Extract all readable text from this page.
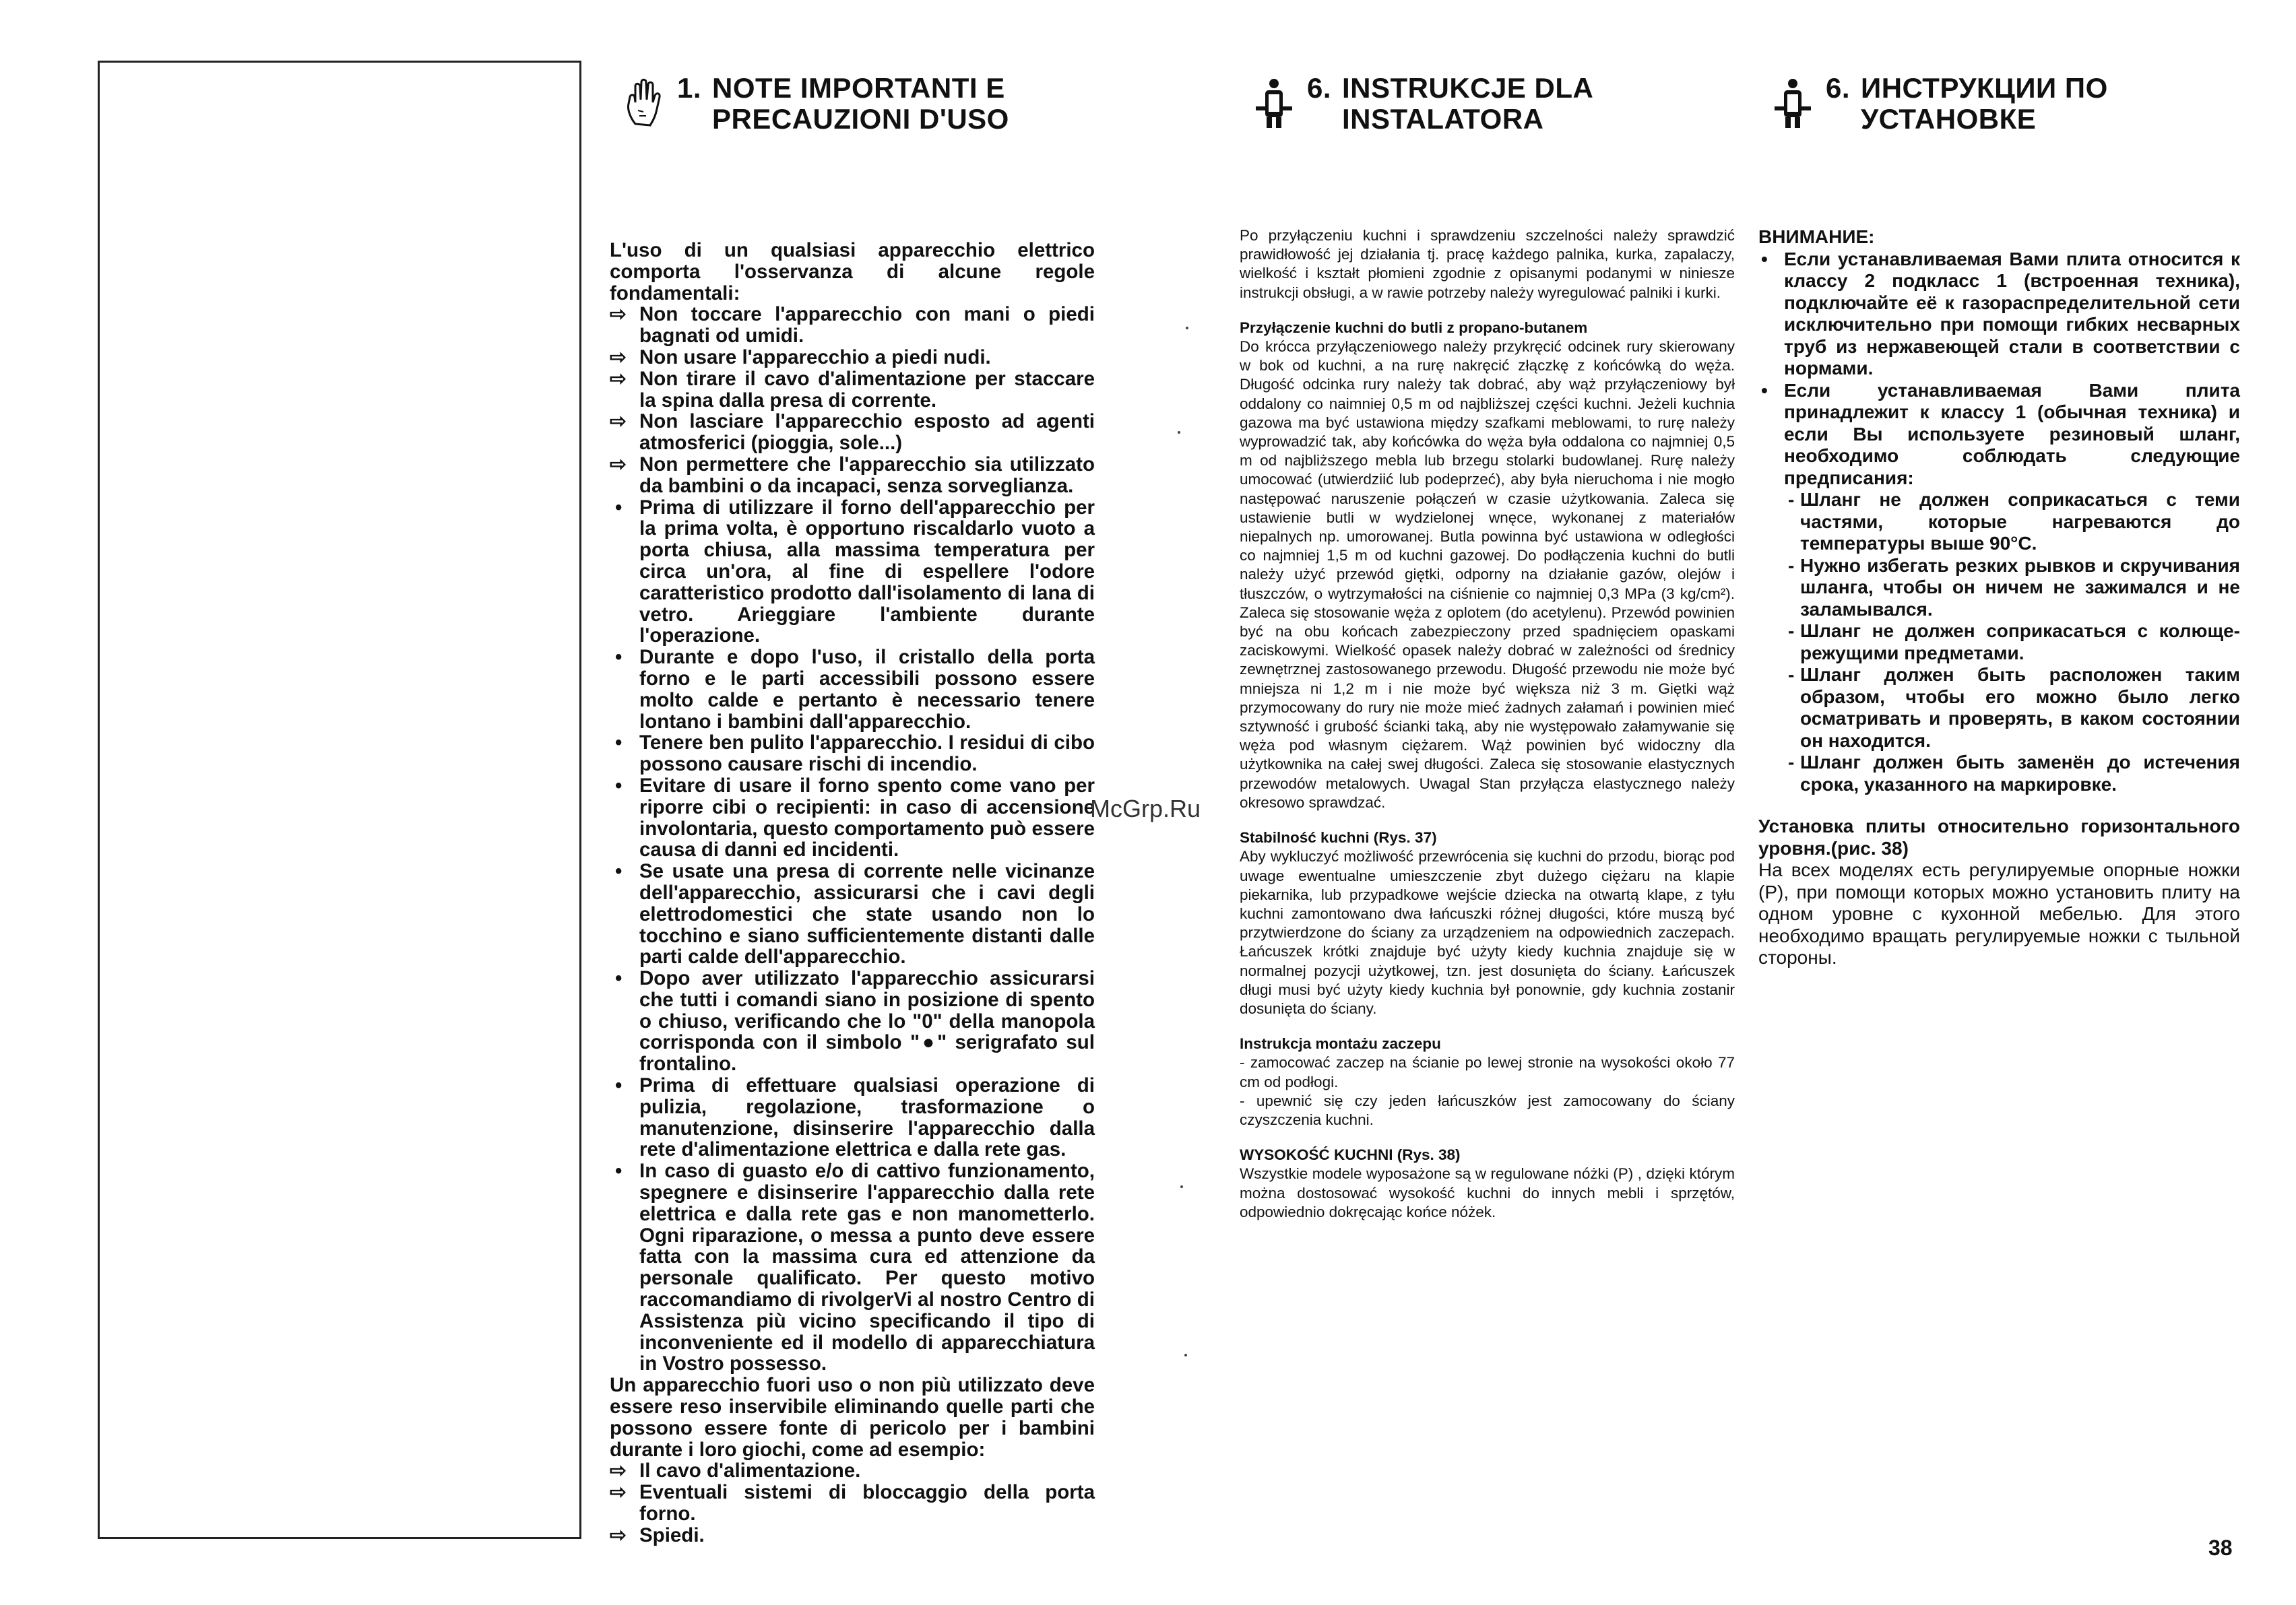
1. NOTE IMPORTANTI E
PRECAUZIONI D'USO

L'uso di un qualsiasi apparecchio elettrico comporta l'osservanza di alcune regole fondamentali:

⇨ Non toccare l'apparecchio con mani o piedi bagnati od umidi.
⇨ Non usare l'apparecchio a piedi nudi.
⇨ Non tirare il cavo d'alimentazione per staccare la spina dalla presa di corrente.
⇨ Non lasciare l'apparecchio esposto ad agenti atmosferici (pioggia, sole...)
⇨ Non permettere che l'apparecchio sia utilizzato da bambini o da incapaci, senza sorveglianza.
• Prima di utilizzare il forno dell'apparecchio per la prima volta, è opportuno riscaldarlo vuoto a porta chiusa, alla massima temperatura per circa un'ora, al fine di espellere l'odore caratteristico prodotto dall'isolamento di lana di vetro. Arieggiare l'ambiente durante l'operazione.
• Durante e dopo l'uso, il cristallo della porta forno e le parti accessibili possono essere molto calde e pertanto è necessario tenere lontano i bambini dall'apparecchio.
• Tenere ben pulito l'apparecchio. I residui di cibo possono causare rischi di incendio.
• Evitare di usare il forno spento come vano per riporre cibi o recipienti: in caso di accensione involontaria, questo comportamento può essere causa di danni ed incidenti.
• Se usate una presa di corrente nelle vicinanze dell'apparecchio, assicurarsi che i cavi degli elettrodomestici che state usando non lo tocchino e siano sufficientemente distanti dalle parti calde dell'apparecchio.
• Dopo aver utilizzato l'apparecchio assicurarsi che tutti i comandi siano in posizione di spento o chiuso, verificando che lo "0" della manopola corrisponda con il simbolo "●" serigrafato sul frontalino.
• Prima di effettuare qualsiasi operazione di pulizia, regolazione, trasformazione o manutenzione, disinserire l'apparecchio dalla rete d'alimentazione elettrica e dalla rete gas.
• In caso di guasto e/o di cattivo funzionamento, spegnere e disinserire l'apparecchio dalla rete elettrica e dalla rete gas e non manometterlo. Ogni riparazione, o messa a punto deve essere fatta con la massima cura ed attenzione da personale qualificato. Per questo motivo raccomandiamo di rivolgerVi al nostro Centro di Assistenza più vicino specificando il tipo di inconveniente ed il modello di apparecchiatura in Vostro possesso.

Un apparecchio fuori uso o non più utilizzato deve essere reso inservibile eliminando quelle parti che possono essere fonte di pericolo per i bambini durante i loro giochi, come ad esempio:

⇨ Il cavo d'alimentazione.
⇨ Eventuali sistemi di bloccaggio della porta forno.
⇨ Spiedi.
6. INSTRUKCJE DLA
INSTALATORA

Po przyłączeniu kuchni i sprawdzeniu szczelności należy sprawdzić prawidłowość jej działania tj. pracę każdego palnika, kurka, zapalaczy, wielkość i kształt płomieni zgodnie z opisanymi podanymi w niniesze instrukcji obsługi, a w rawie potrzeby należy wyregulować palniki i kurki.

Przyłączenie kuchni do butli z propano-butanem

Do krócca przyłączeniowego należy przykręcić odcinek rury skierowany w bok od kuchni, a na rurę nakręcić złączkę z końcówką do węża. Długość odcinka rury należy tak dobrać, aby wąż przyłączeniowy był oddalony co naimniej 0,5 m od najbliższej części kuchni. Jeżeli kuchnia gazowa ma być ustawiona między szafkami meblowami, to rurę należy wyprowadzić tak, aby końcówka do węża była oddalona co najmniej 0,5 m od najbliższego mebla lub brzegu stolarki budowlanej. Rurę należy umocować (utwierdziić lub podeprzeć), aby była nieruchoma i nie mogło następować naruszenie połączeń w czasie użytkowania. Zaleca się ustawienie butli w wydzielonej wnęce, wykonanej z materiałów niepalnych np. umorowanej. Butla powinna być ustawiona w odległości co najmniej 1,5 m od kuchni gazowej. Do podłączenia kuchni do butli należy użyć przewód giętki, odporny na działanie gazów, olejów i tłuszczów, o wytrzymałości na ciśnienie co najmniej 0,3 MPa (3 kg/cm²). Zaleca się stosowanie węża z oplotem (do acetylenu). Przewód powinien być na obu końcach zabezpieczony przed spadnięciem opaskami zaciskowymi. Wielkość opasek należy dobrać w zależności od średnicy zewnętrznej zastosowanego przewodu. Długość przewodu nie może być mniejsza ni 1,2 m i nie może być większa niż 3 m. Giętki wąż przymocowany do rury nie może mieć żadnych załamań i powinien mieć sztywność i grubość ścianki taką, aby nie występowało załamywanie się węża pod własnym ciężarem. Wąż powinien być widoczny dla użytkownika na całej swej długości. Zaleca się stosowanie elastycznych przewodów metalowych. Uwagal Stan przyłącza elastycznego należy okresowo sprawdzać.

Stabilność kuchni (Rys. 37)

Aby wykluczyć możliwość przewrócenia się kuchni do przodu, biorąc pod uwage ewentualne umieszczenie zbyt dużego ciężaru na klapie piekarnika, lub przypadkowe wejście dziecka na otwartą klape, z tyłu kuchni zamontowano dwa łańcuszki różnej długości, które muszą być przytwierdzone do ściany za urządzeniem na odpowiednich zaczepach. Łańcuszek krótki znajduje być użyty kiedy kuchnia znajduje się w normalnej pozycji użytkowej, tzn. jest dosunięta do ściany. Łańcuszek długi musi być użyty kiedy kuchnia był ponownie, gdy kuchnia zostanir dosunięta do ściany.

Instrukcja montażu zaczepu

- zamocować zaczep na ścianie po lewej stronie na wysokości około 77 cm od podłogi.

- upewnić się czy jeden łańcuszków jest zamocowany do ściany czyszczenia kuchni.

WYSOKOŚĆ KUCHNI (Rys. 38)

Wszystkie modele wyposażone są w regulowane nóżki (P) , dzięki którym można dostosować wysokość kuchni do innych mebli i sprzętów, odpowiednio dokręcając końce nóżek.

6. ИНСТРУКЦИИ ПО
УСТАНОВКЕ

ВНИМАНИЕ:

• Если устанавливаемая Вами плита относится к классу 2 подкласс 1 (встроенная техника), подключайте её к газораспределительной сети исключительно при помощи гибких несварных труб из нержавеющей стали в соответствии с нормами.
• Если устанавливаемая Вами плита принадлежит к классу 1 (обычная техника) и если Вы используете резиновый шланг, необходимо соблюдать следующие предписания:
- Шланг не должен соприкасаться с теми частями, которые нагреваются до температуры выше 90°С.
- Нужно избегать резких рывков и скручивания шланга, чтобы он ничем не зажимался и не заламывался.
- Шланг не должен соприкасаться с колюще-режущими предметами.
- Шланг должен быть расположен таким образом, чтобы его можно было легко осматривать и проверять, в каком состоянии он находится.
- Шланг должен быть заменён до истечения срока, указанного на маркировке.

Установка плиты относительно горизонтального уровня.(рис. 38)

На всех моделях есть регулируемые опорные ножки (P), при помощи которых можно установить плиту на одном уровне с кухонной мебелью. Для этого необходимо вращать регулируемые ножки с тыльной стороны.

McGrp.Ru
38
